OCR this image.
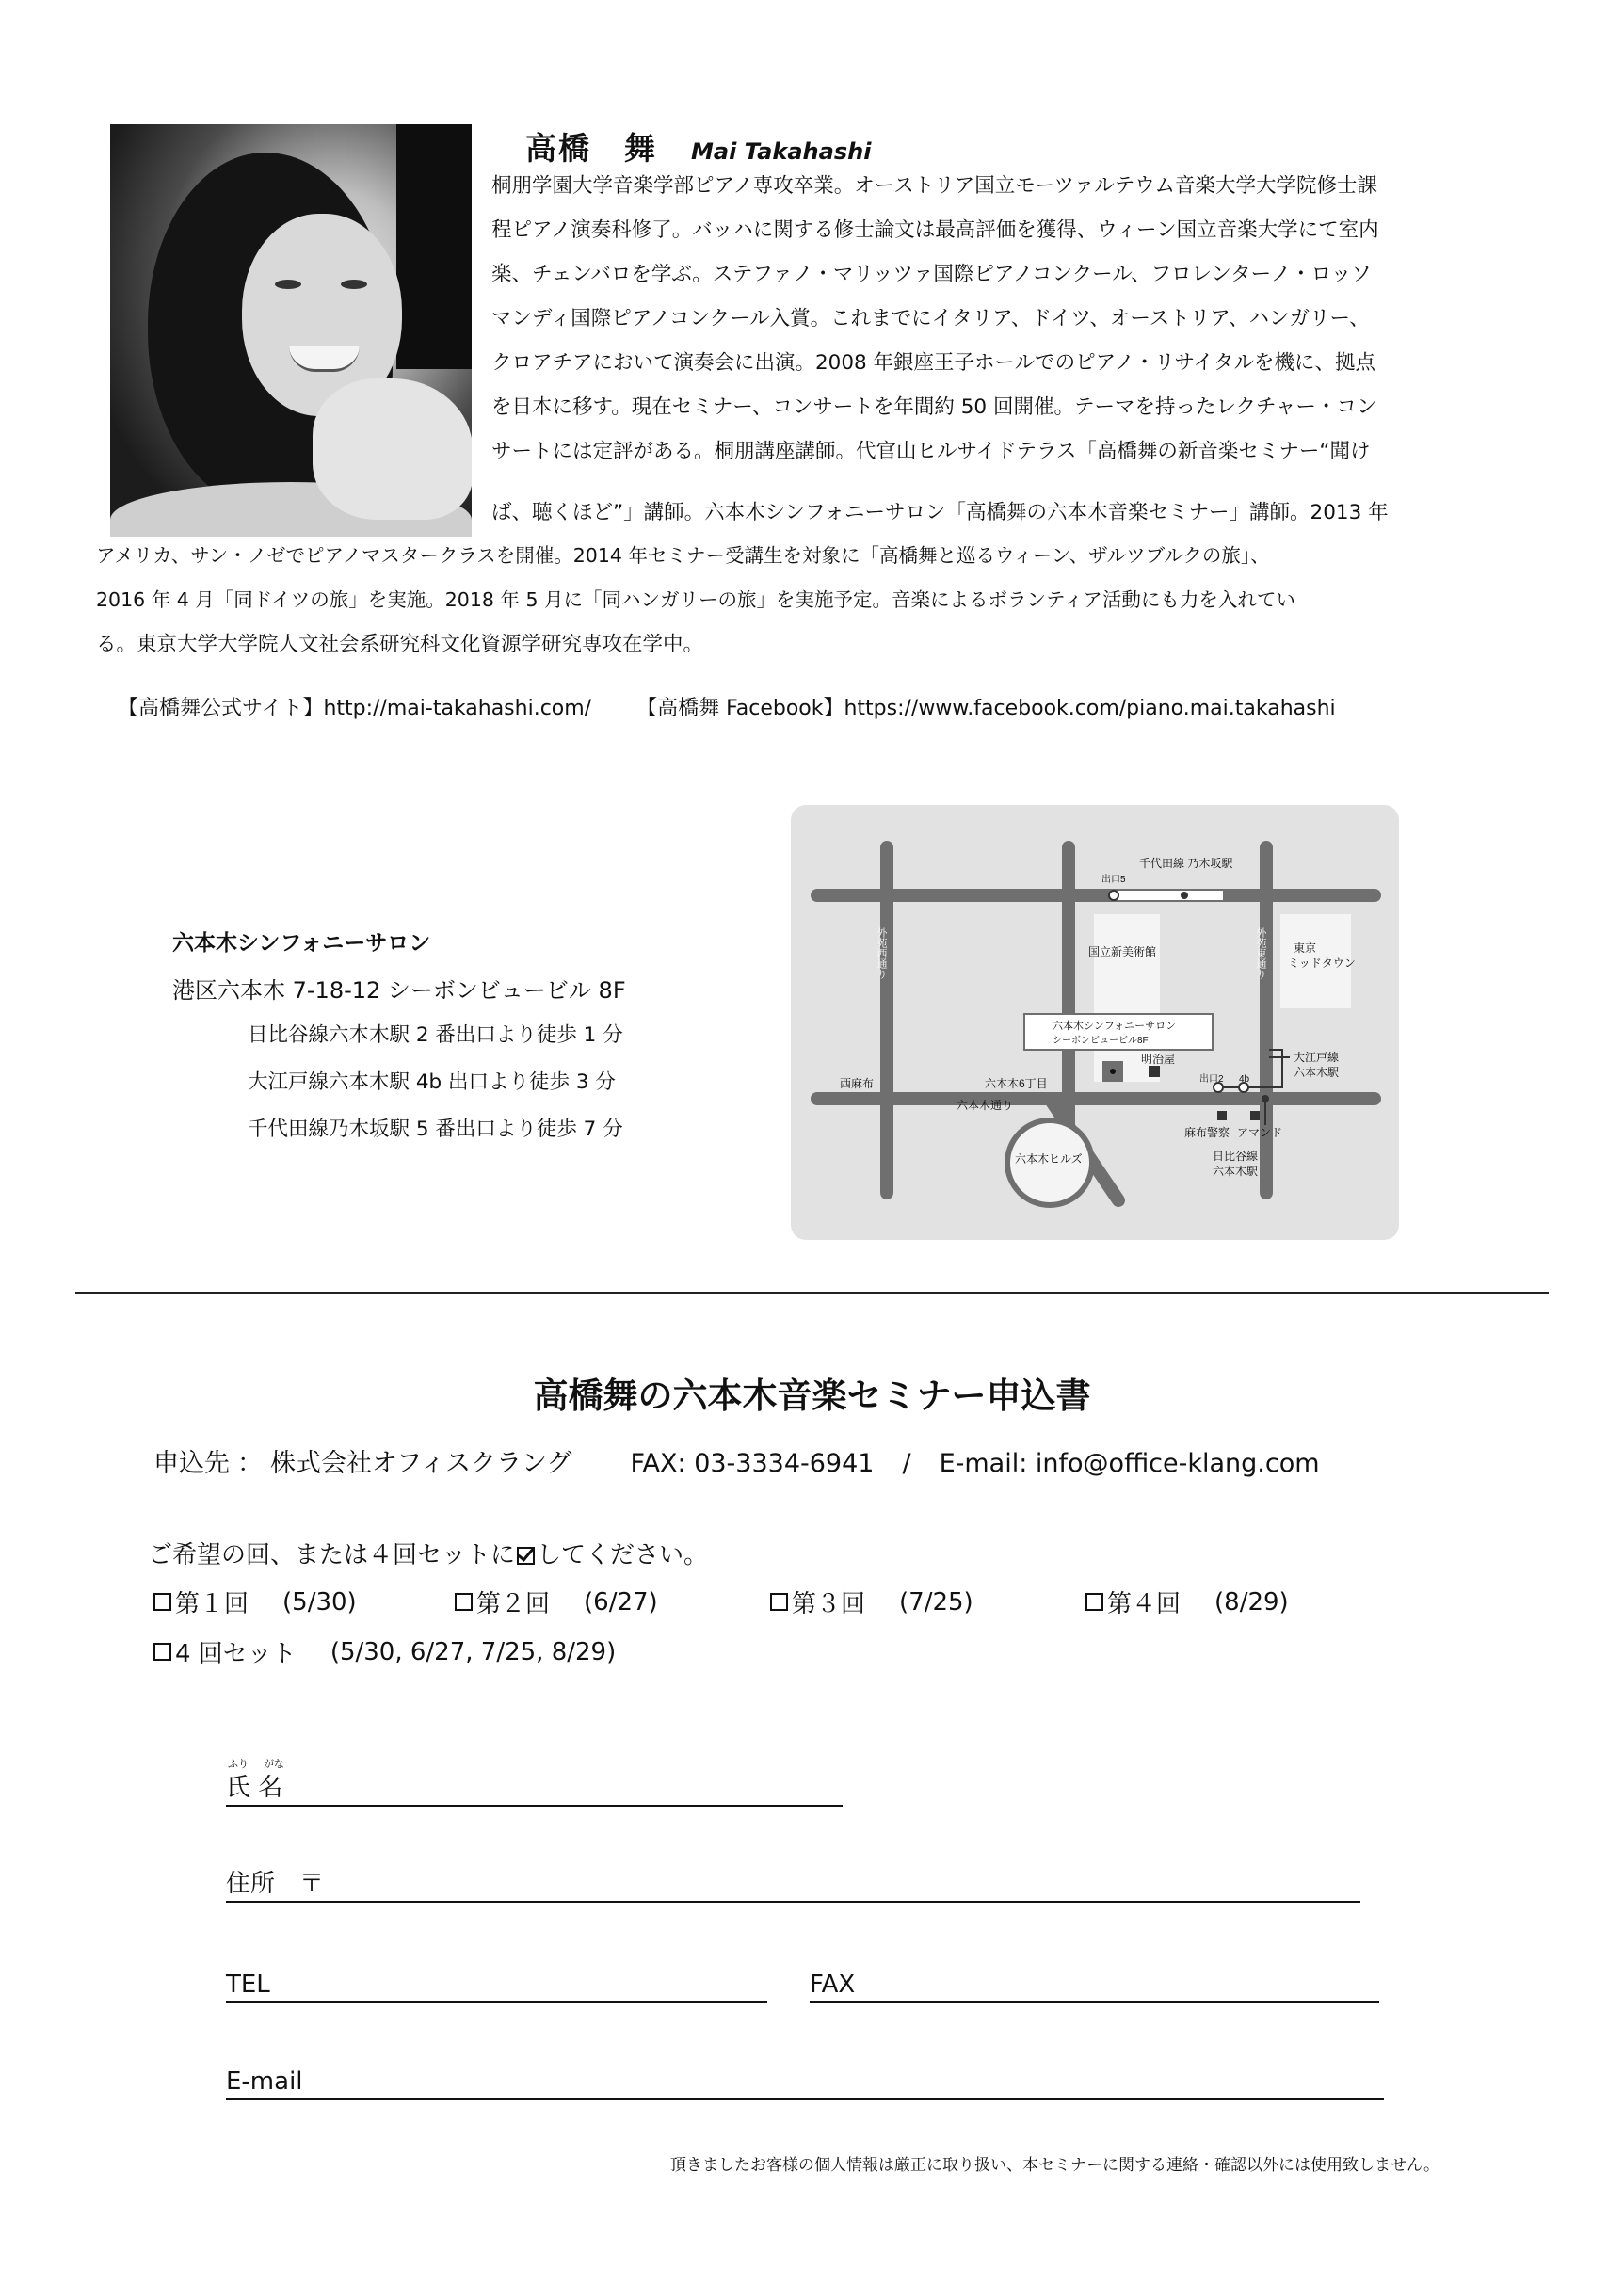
高橋　舞 Mai Takahashi
桐朋学園大学音楽学部ピアノ専攻卒業。オーストリア国立モーツァルテウム音楽大学大学院修士課
程ピアノ演奏科修了。バッハに関する修士論文は最高評価を獲得、ウィーン国立音楽大学にて室内
楽、チェンバロを学ぶ。ステファノ・マリッツァ国際ピアノコンクール、フロレンターノ・ロッソ
マンディ国際ピアノコンクール入賞。これまでにイタリア、ドイツ、オーストリア、ハンガリー、
クロアチアにおいて演奏会に出演。2008 年銀座王子ホールでのピアノ・リサイタルを機に、拠点
を日本に移す。現在セミナー、コンサートを年間約 50 回開催。テーマを持ったレクチャー・コン
サートには定評がある。桐朋講座講師。代官山ヒルサイドテラス「高橋舞の新音楽セミナー“聞け
ば、聴くほど”」講師。六本木シンフォニーサロン「高橋舞の六本木音楽セミナー」講師。2013 年
アメリカ、サン・ノゼでピアノマスタークラスを開催。2014 年セミナー受講生を対象に「高橋舞と巡るウィーン、ザルツブルクの旅」、
2016 年 4 月「同ドイツの旅」を実施。2018 年 5 月に「同ハンガリーの旅」を実施予定。音楽によるボランティア活動にも力を入れてい
る。東京大学大学院人文社会系研究科文化資源学研究専攻在学中。
【高橋舞公式サイト】http://mai-takahashi.com/ 【高橋舞 Facebook】https://www.facebook.com/piano.mai.takahashi
六本木シンフォニーサロン
港区六本木 7-18-12 シーボンビュービル 8F
日比谷線六本木駅 2 番出口より徒歩 1 分
大江戸線六本木駅 4b 出口より徒歩 3 分
千代田線乃木坂駅 5 番出口より徒歩 7 分
千代田線 乃木坂駅
出口5
国立新美術館	東京
ミッドタウン
六本木シンフォニーサロン
シーボンビュービル8F
明治屋
西麻布	六本木6丁目
六本木通り
出口2 4b
大江戸線
六本木駅
麻布警察 アマンド
日比谷線
六本木駅
六本木ヒルズ
外苑西通り	外苑東通り
高橋舞の六本木音楽セミナー申込書
申込先 ： 株式会社オフィスクラング FAX: 03-3334-6941 / E-mail: info@office-klang.com
ご希望の回、または４回セットに してください。
第１回 (5/30)	第２回 (6/27)	第３回 (7/25)	第４回 (8/29)
4 回セット (5/30, 6/27, 7/25, 8/29)
ふり がな
氏 名
住所　〒
TEL	FAX
E-mail
頂きましたお客様の個人情報は厳正に取り扱い、本セミナーに関する連絡・確認以外には使用致しません。
